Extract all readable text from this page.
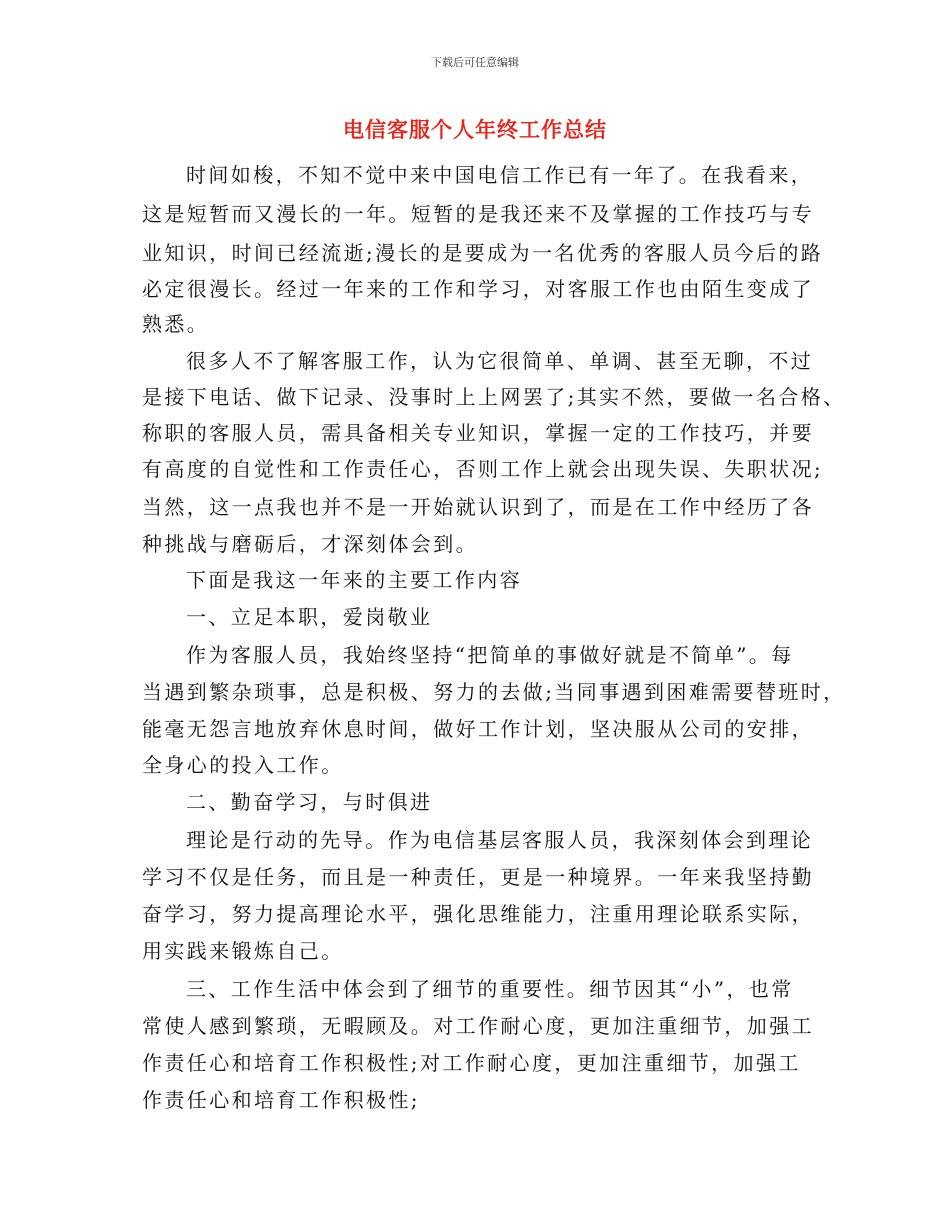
下载后可任意编辑
电信客服个人年终工作总结
时间如梭，不知不觉中来中国电信工作已有一年了。在我看来，
这是短暂而又漫长的一年。短暂的是我还来不及掌握的工作技巧与专
业知识，时间已经流逝;漫长的是要成为一名优秀的客服人员今后的路
必定很漫长。经过一年来的工作和学习，对客服工作也由陌生变成了
熟悉。
很多人不了解客服工作，认为它很简单、单调、甚至无聊，不过
是接下电话、做下记录、没事时上上网罢了;其实不然，要做一名合格、
称职的客服人员，需具备相关专业知识，掌握一定的工作技巧，并要
有高度的自觉性和工作责任心，否则工作上就会出现失误、失职状况;
当然，这一点我也并不是一开始就认识到了，而是在工作中经历了各
种挑战与磨砺后，才深刻体会到。
下面是我这一年来的主要工作内容
一、立足本职，爱岗敬业
作为客服人员，我始终坚持“把简单的事做好就是不简单”。每
当遇到繁杂琐事，总是积极、努力的去做;当同事遇到困难需要替班时，
能毫无怨言地放弃休息时间，做好工作计划，坚决服从公司的安排，
全身心的投入工作。
二、勤奋学习，与时俱进
理论是行动的先导。作为电信基层客服人员，我深刻体会到理论
学习不仅是任务，而且是一种责任，更是一种境界。一年来我坚持勤
奋学习，努力提高理论水平，强化思维能力，注重用理论联系实际，
用实践来锻炼自己。
三、工作生活中体会到了细节的重要性。细节因其“小”，也常
常使人感到繁琐，无暇顾及。对工作耐心度，更加注重细节，加强工
作责任心和培育工作积极性;对工作耐心度，更加注重细节，加强工
作责任心和培育工作积极性;
